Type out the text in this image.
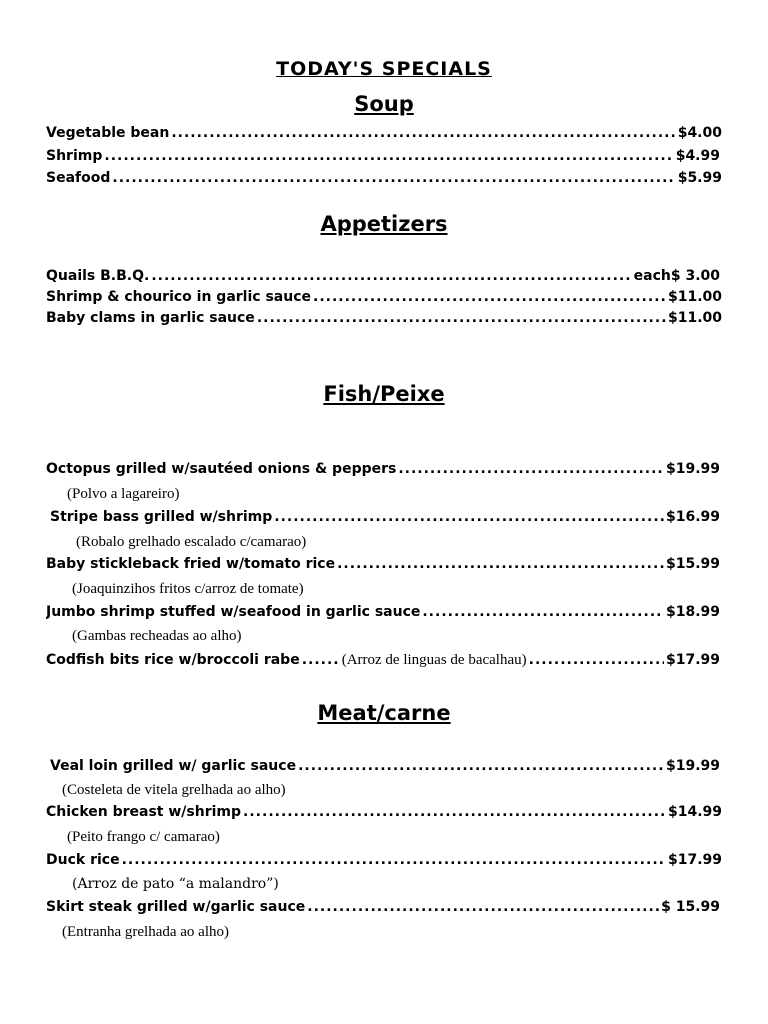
TODAY'S SPECIALS
Soup
Vegetable bean .....	$4.00
Shrimp .....	$4.99
Seafood .....	$5.99
Appetizers
Quails B.B.Q. .....	each$ 3.00
Shrimp & chourico in garlic sauce .....	$11.00
Baby clams in garlic sauce .....	$11.00
Fish/Peixe
Octopus grilled w/sautéed onions & peppers .....	$19.99
(Polvo a lagareiro)
Stripe bass grilled w/shrimp .....	$16.99
(Robalo grelhado escalado c/camarao)
Baby stickleback fried w/tomato rice .....	$15.99
(Joaquinzihos fritos c/arroz de tomate)
Jumbo shrimp stuffed w/seafood in garlic sauce .....	$18.99
(Gambas recheadas ao alho)
Codfish bits rice w/broccoli rabe .....	(Arroz de linguas de bacalhau) .....	$17.99
Meat/carne
Veal loin grilled w/ garlic sauce .....	$19.99
(Costeleta de vitela grelhada ao alho)
Chicken breast w/shrimp .....	$14.99
(Peito frango c/ camarao)
Duck rice .....	$17.99
(Arroz de pato “a malandro”)
Skirt steak grilled w/garlic sauce .....	$ 15.99
(Entranha grelhada ao alho)
